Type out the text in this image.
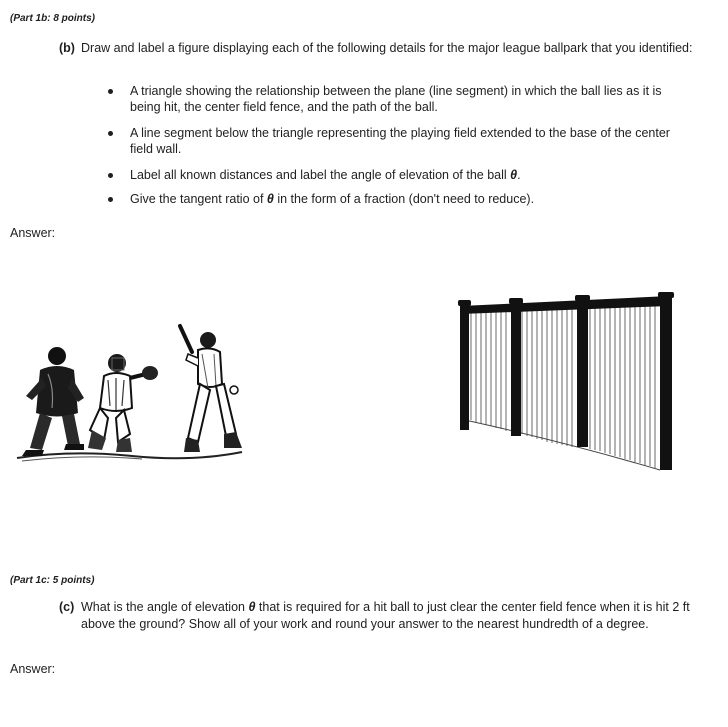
(Part 1b: 8 points)
(b) Draw and label a figure displaying each of the following details for the major league ballpark that you identified:
A triangle showing the relationship between the plane (line segment) in which the ball lies as it is being hit, the center field fence, and the path of the ball.
A line segment below the triangle representing the playing field extended to the base of the center field wall.
Label all known distances and label the angle of elevation of the ball θ.
Give the tangent ratio of θ in the form of a fraction (don't need to reduce).
Answer:
(Part 1c: 5 points)
(c) What is the angle of elevation θ that is required for a hit ball to just clear the center field fence when it is hit 2 ft above the ground? Show all of your work and round your answer to the nearest hundredth of a degree.
Answer:
